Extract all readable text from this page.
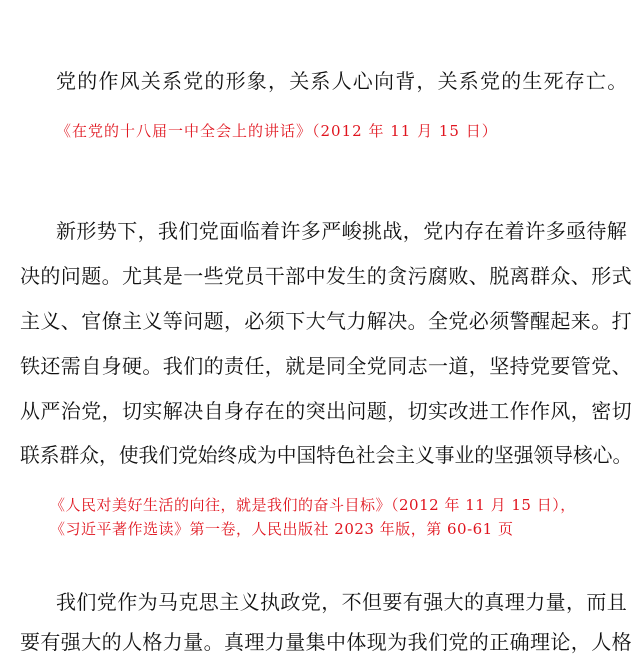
党的作风关系党的形象，关系人心向背，关系党的生死存亡。
《在党的十八届一中全会上的讲话》（2012 年 11 月 15 日）
新形势下，我们党面临着许多严峻挑战，党内存在着许多亟待解
决的问题。尤其是一些党员干部中发生的贪污腐败、脱离群众、形式
主义、官僚主义等问题，必须下大气力解决。全党必须警醒起来。打
铁还需自身硬。我们的责任，就是同全党同志一道，坚持党要管党、
从严治党，切实解决自身存在的突出问题，切实改进工作作风，密切
联系群众，使我们党始终成为中国特色社会主义事业的坚强领导核心。
《人民对美好生活的向往，就是我们的奋斗目标》（2012 年 11 月 15 日），
《习近平著作选读》第一卷，人民出版社 2023 年版，第 60-61 页
我们党作为马克思主义执政党，不但要有强大的真理力量，而且
要有强大的人格力量。真理力量集中体现为我们党的正确理论，人格
